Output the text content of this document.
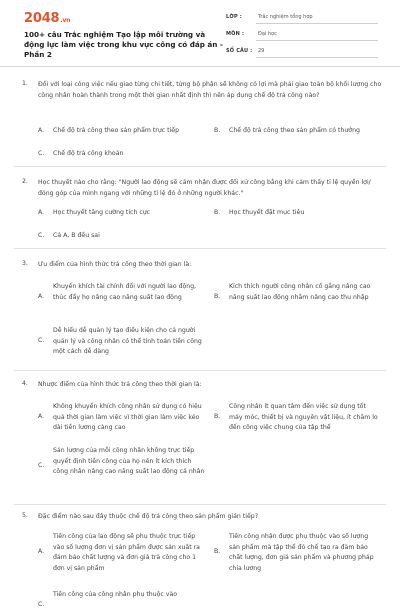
2048.vn
100+ câu Trắc nghiệm Tạo lập môi trường và động lực làm việc trong khu vực công có đáp án - Phần 2
LỚP :	Trắc nghiệm tổng hợp
MÔN :	Đại học
SỐ CÂU : 29
1. Đối với loại công việc nếu giao từng chi tiết, từng bộ phận sẽ không có lợi mà phải giao toàn bộ khối lượng cho công nhân hoàn thành trong một thời gian nhất định thì nên áp dụng chế độ trả công nào?
A. Chế độ trả công theo sản phẩm trực tiếp	B. Chế độ trả công theo sản phẩm có thưởng
C. Chế độ trả công khoán
2. Học thuyết nào cho rằng: "Người lao động sẽ cảm nhận được đối xử công bằng khi cảm thấy tỉ lệ quyền lợi/đóng góp của mình ngang với những tỉ lệ đó ở những người khác."
A. Học thuyết tăng cường tích cực	B. Học thuyết đặt mục tiêu
C. Cả A, B đều sai
3. Ưu điểm của hình thức trả công theo thời gian là:
A.
Khuyến khích tài chính đối với người lao động, thúc đẩy họ nâng cao năng suất lao động	B.
Kích thích người công nhân cố gắng nâng cao năng suất lao động nhằm nâng cao thu nhập
C.
Dễ hiểu dễ quản lý tạo điều kiện cho cả người quản lý và công nhân có thể tính toán tiền công một cách dễ dàng
4. Nhược điểm của hình thức trả công theo thời gian là:
A.
Không khuyến khích công nhân sử dụng có hiệu quả thời gian làm việc vì thời gian làm việc kéo dài tiền lương càng cao
B.
Công nhân ít quan tâm đến việc sử dụng tốt máy móc, thiết bị và nguyên vật liệu, ít chăm lo đến công việc chung của tập thể
C.
Sản lượng của mỗi công nhân không trực tiếp quyết định tiền công của họ nên ít kích thích công nhân nâng cao năng suất lao động cá nhân
5. Đặc điểm nào sau đây thuộc chế độ trả công theo sản phẩm gián tiếp?
A.
Tiền công của lao động sẽ phụ thuộc trực tiếp vào số lượng đơn vị sản phẩm được sản xuất ra đảm bảo chất lượng và đơn giá trả công cho 1 đơn vị sản phẩm
B.
Tiền công nhận được phụ thuộc vào số lượng sản phẩm mà tập thể đó chế tạo ra đảm bảo chất lượng, đơn giá sản phẩm và phương pháp chia lương
C.
Tiền công của công nhân phụ thuộc vào
